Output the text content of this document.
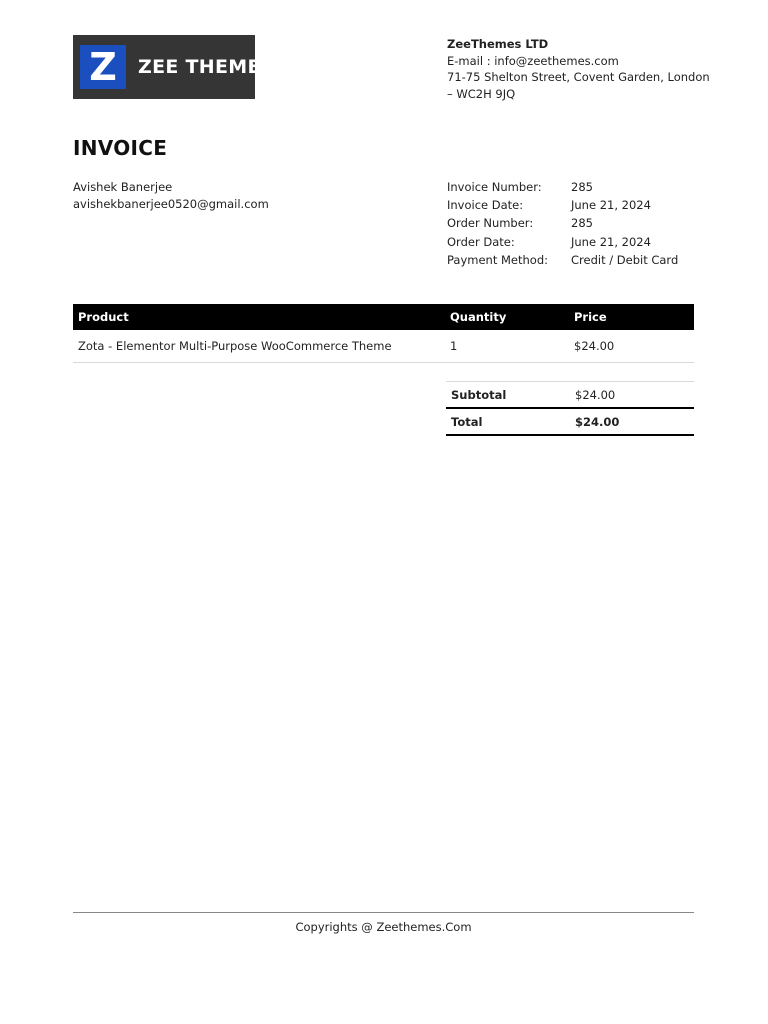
Z	ZEE THEMES
ZeeThemes LTD
E-mail : info@zeethemes.com
71-75 Shelton Street, Covent Garden, London
– WC2H 9JQ
INVOICE
Avishek Banerjee
avishekbanerjee0520@gmail.com
Invoice Number:	285
Invoice Date:	June 21, 2024
Order Number:	285
Order Date:	June 21, 2024
Payment Method:	Credit / Debit Card
Product	Quantity	Price
Zota - Elementor Multi-Purpose WooCommerce Theme	1	$24.00
Subtotal	$24.00
Total	$24.00
Copyrights @ Zeethemes.Com
